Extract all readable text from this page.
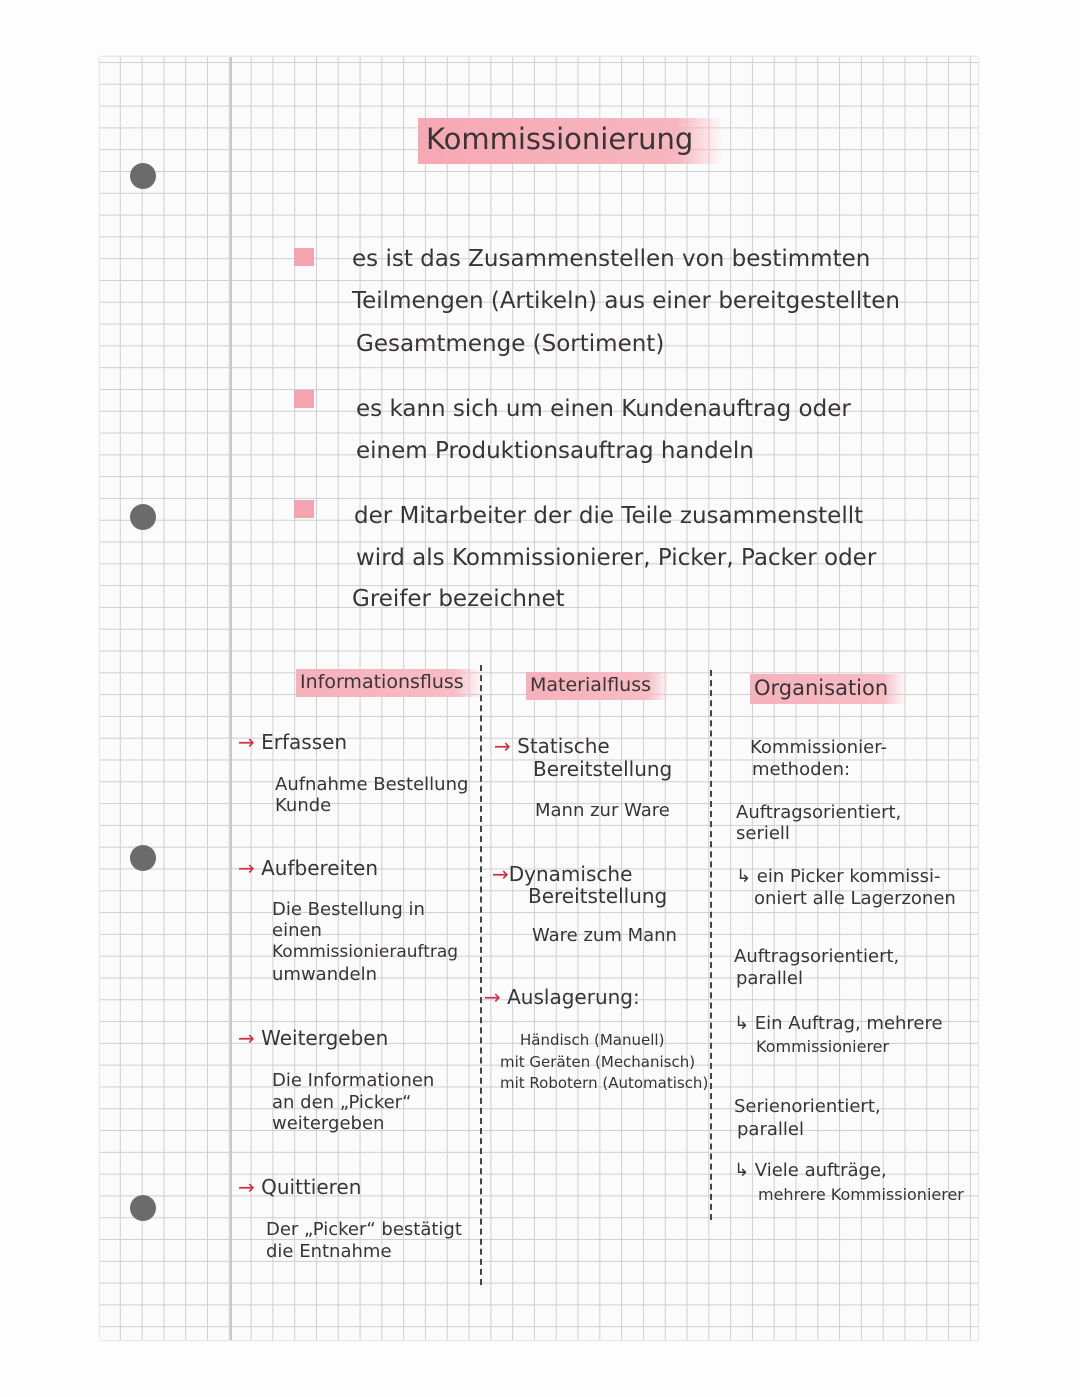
Kommissionierung
es ist das Zusammenstellen von bestimmten
Teilmengen (Artikeln) aus einer bereitgestellten
Gesamtmenge (Sortiment)
es kann sich um einen Kundenauftrag oder
einem Produktionsauftrag handeln
der Mitarbeiter der die Teile zusammenstellt
wird als Kommissionierer, Picker, Packer oder
Greifer bezeichnet
Informationsfluss
→ Erfassen
Aufnahme Bestellung
Kunde
→ Aufbereiten
Die Bestellung in
einen
Kommissionierauftrag
umwandeln
→ Weitergeben
Die Informationen
an den „Picker“
weitergeben
→ Quittieren
Der „Picker“ bestätigt
die Entnahme
Materialfluss
→ Statische
Bereitstellung
Mann zur Ware
→Dynamische
Bereitstellung
Ware zum Mann
→ Auslagerung:
Händisch (Manuell)
mit Geräten (Mechanisch)
mit Robotern (Automatisch)
Organisation
Kommissionier-
methoden:
Auftragsorientiert,
seriell
↳ ein Picker kommissi-
oniert alle Lagerzonen
Auftragsorientiert,
parallel
↳ Ein Auftrag, mehrere
Kommissionierer
Serienorientiert,
parallel
↳ Viele aufträge,
mehrere Kommissionierer
